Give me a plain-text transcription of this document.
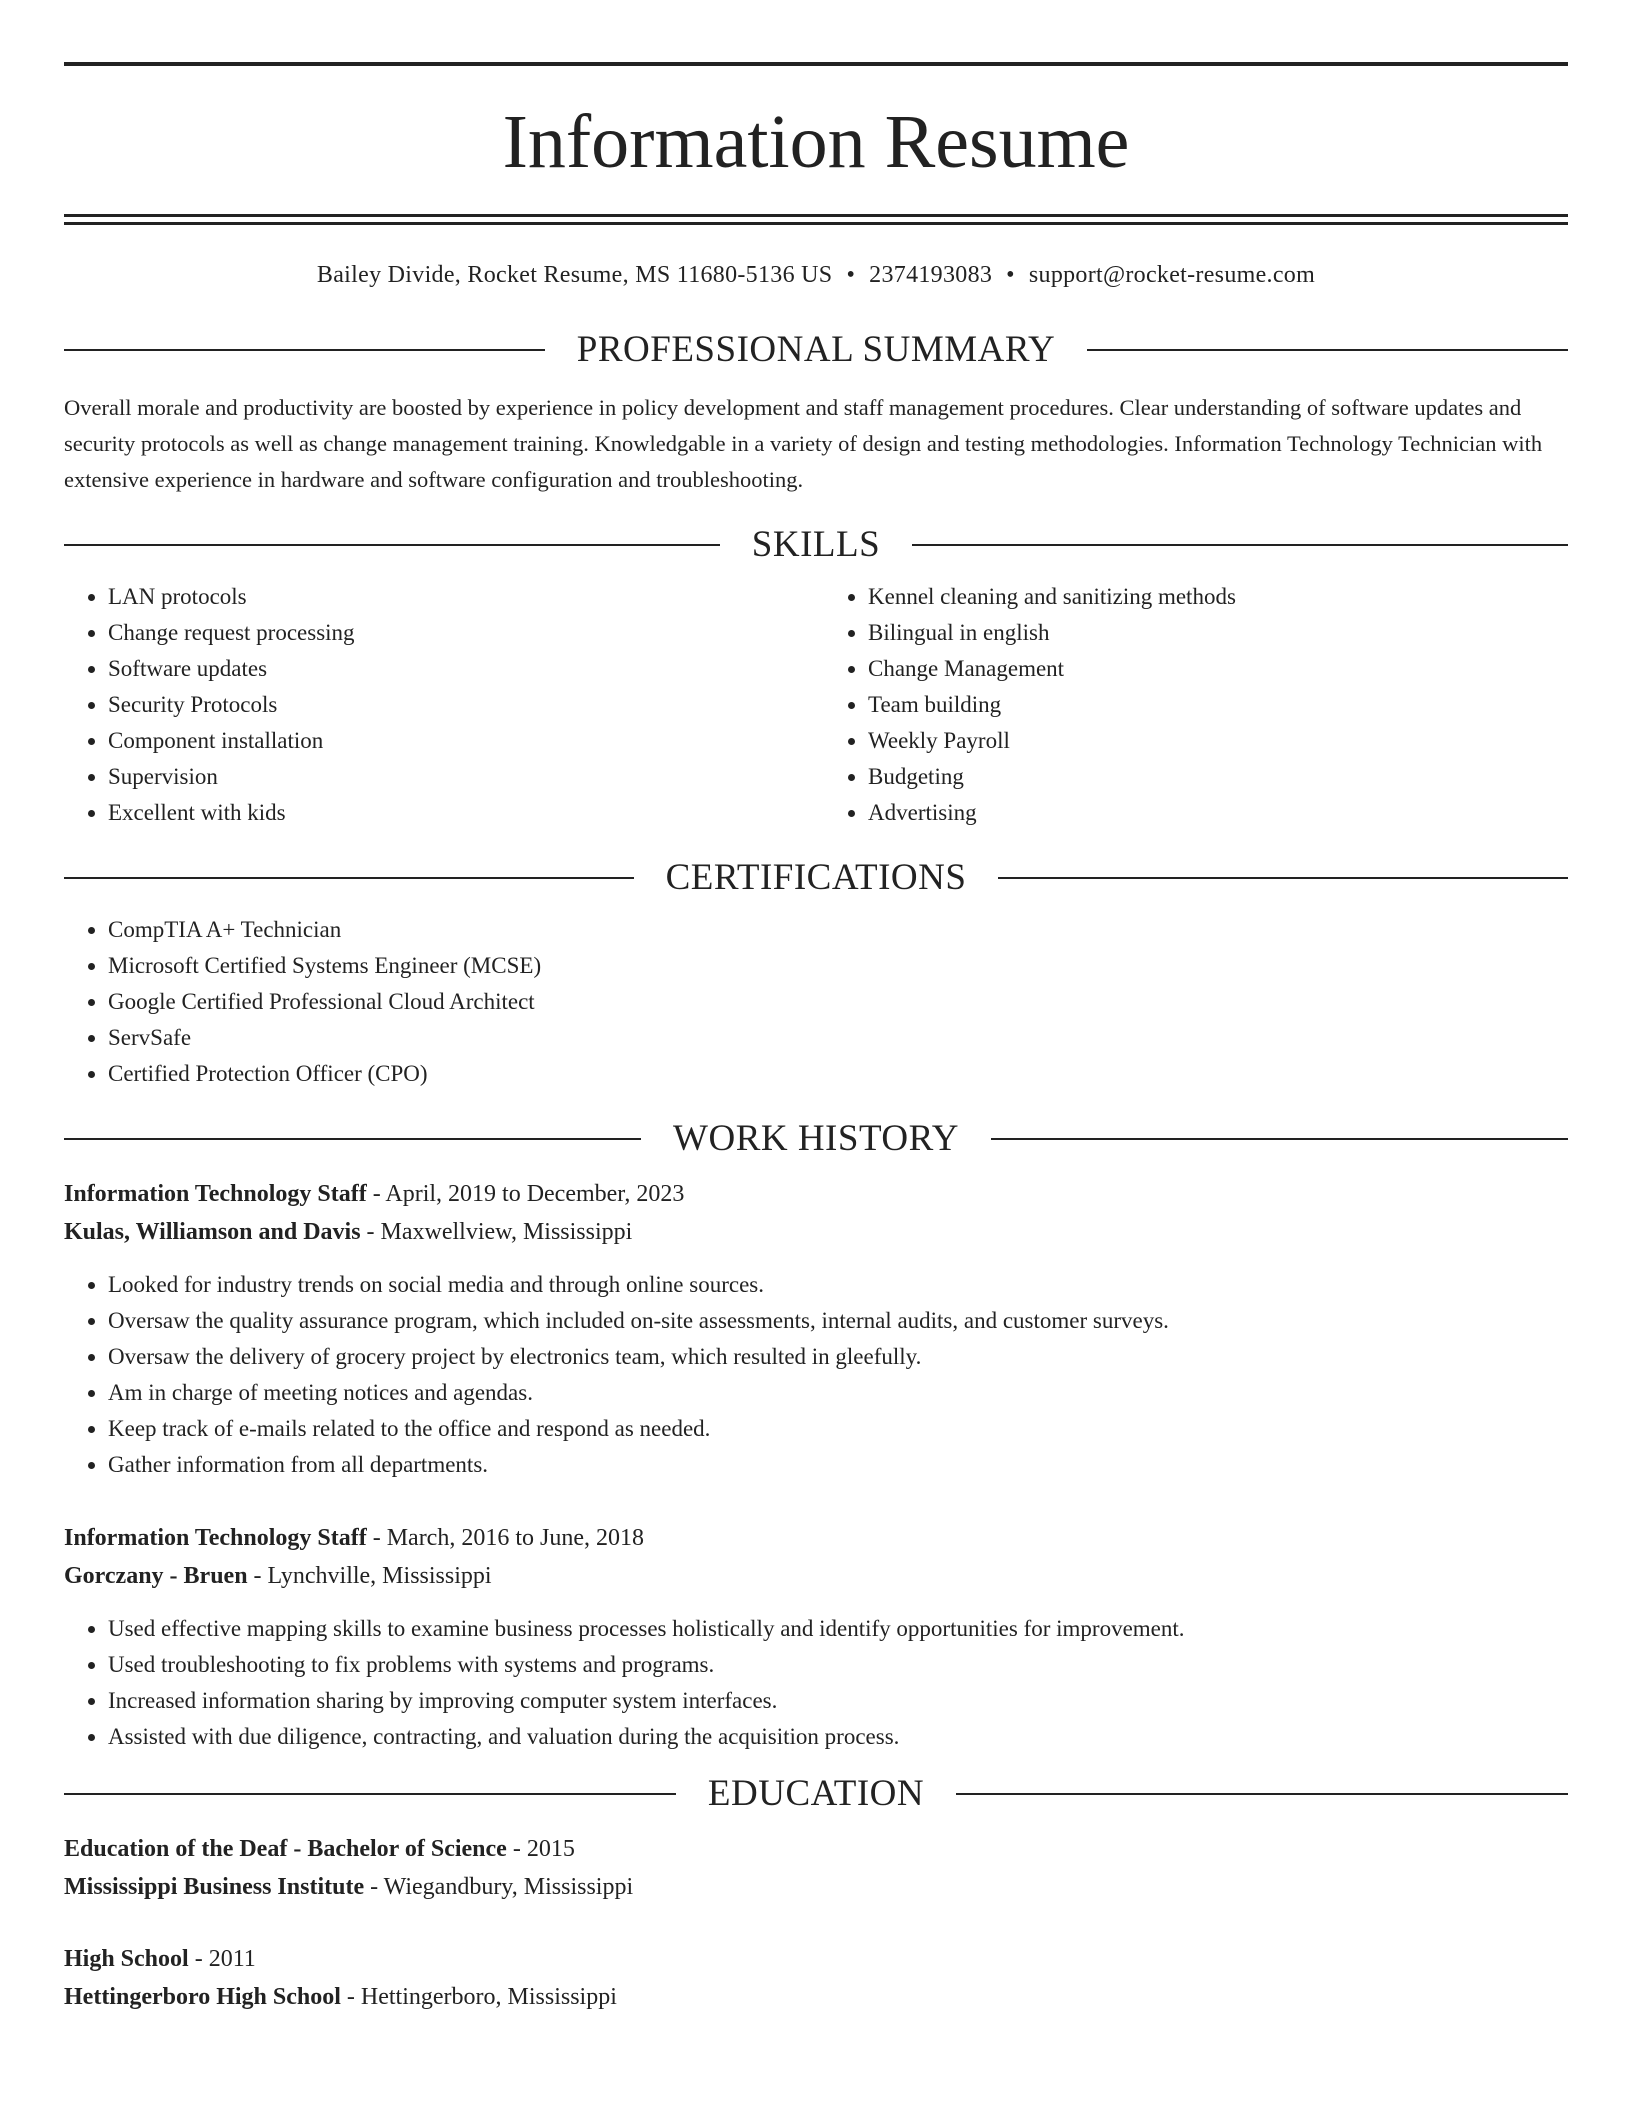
Information Resume
Bailey Divide, Rocket Resume, MS 11680-5136 US • 2374193083 • support@rocket-resume.com
PROFESSIONAL SUMMARY

Overall morale and productivity are boosted by experience in policy development and staff management procedures. Clear understanding of software updates and security protocols as well as change management training. Knowledgable in a variety of design and testing methodologies. Information Technology Technician with extensive experience in hardware and software configuration and troubleshooting.

SKILLS
• LAN protocols
• Change request processing
• Software updates
• Security Protocols
• Component installation
• Supervision
• Excellent with kids
• Kennel cleaning and sanitizing methods
• Bilingual in english
• Change Management
• Team building
• Weekly Payroll
• Budgeting
• Advertising
CERTIFICATIONS
• CompTIA A+ Technician
• Microsoft Certified Systems Engineer (MCSE)
• Google Certified Professional Cloud Architect
• ServSafe
• Certified Protection Officer (CPO)
WORK HISTORY
Information Technology Staff - April, 2019 to December, 2023
Kulas, Williamson and Davis - Maxwellview, Mississippi
• Looked for industry trends on social media and through online sources.
• Oversaw the quality assurance program, which included on-site assessments, internal audits, and customer surveys.
• Oversaw the delivery of grocery project by electronics team, which resulted in gleefully.
• Am in charge of meeting notices and agendas.
• Keep track of e-mails related to the office and respond as needed.
• Gather information from all departments.
Information Technology Staff - March, 2016 to June, 2018
Gorczany - Bruen - Lynchville, Mississippi
• Used effective mapping skills to examine business processes holistically and identify opportunities for improvement.
• Used troubleshooting to fix problems with systems and programs.
• Increased information sharing by improving computer system interfaces.
• Assisted with due diligence, contracting, and valuation during the acquisition process.
EDUCATION
Education of the Deaf - Bachelor of Science - 2015
Mississippi Business Institute - Wiegandbury, Mississippi
High School - 2011
Hettingerboro High School - Hettingerboro, Mississippi
